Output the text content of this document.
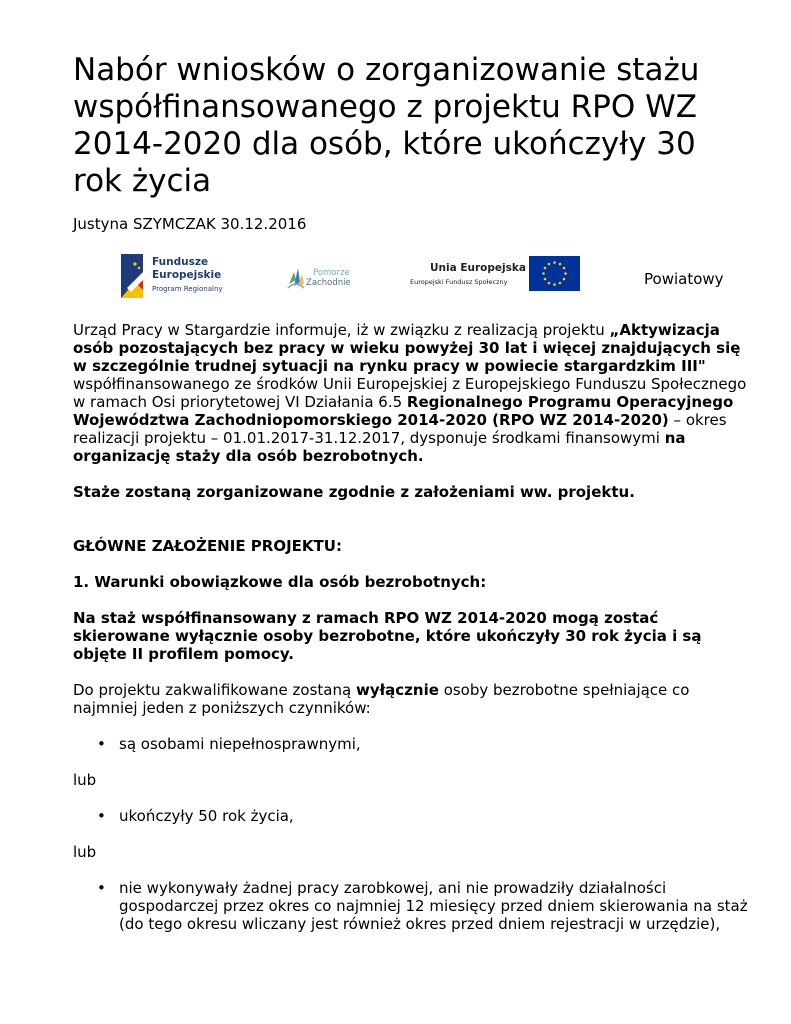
Nabór wniosków o zorganizowanie stażu współfinansowanego z projektu RPO WZ 2014-2020 dla osób, które ukończyły 30 rok życia
Justyna SZYMCZAK 30.12.2016
Fundusze
Europejskie
Program Regionalny
Pomorze
Zachodnie
Unia Europejska
Europejski Fundusz Społeczny	Powiatowy

Urząd Pracy w Stargardzie informuje, iż w związku z realizacją projektu „Aktywizacja osób pozostających bez pracy w wieku powyżej 30 lat i więcej znajdujących się w szczególnie trudnej sytuacji na rynku pracy w powiecie stargardzkim III" współfinansowanego ze środków Unii Europejskiej z Europejskiego Funduszu Społecznego w ramach Osi priorytetowej VI Działania 6.5 Regionalnego Programu Operacyjnego Województwa Zachodniopomorskiego 2014-2020 (RPO WZ 2014-2020) – okres realizacji projektu – 01.01.2017-31.12.2017, dysponuje środkami finansowymi na organizację staży dla osób bezrobotnych.

Staże zostaną zorganizowane zgodnie z założeniami ww. projektu.

GŁÓWNE ZAŁOŻENIE PROJEKTU:

1. Warunki obowiązkowe dla osób bezrobotnych:

Na staż współfinansowany z ramach RPO WZ 2014-2020 mogą zostać skierowane wyłącznie osoby bezrobotne, które ukończyły 30 rok życia i są objęte II profilem pomocy.

Do projektu zakwalifikowane zostaną wyłącznie osoby bezrobotne spełniające co najmniej jeden z poniższych czynników:

• są osobami niepełnosprawnymi,

lub

• ukończyły 50 rok życia,

lub

• nie wykonywały żadnej pracy zarobkowej, ani nie prowadziły działalności gospodarczej przez okres co najmniej 12 miesięcy przed dniem skierowania na staż (do tego okresu wliczany jest również okres przed dniem rejestracji w urzędzie),
